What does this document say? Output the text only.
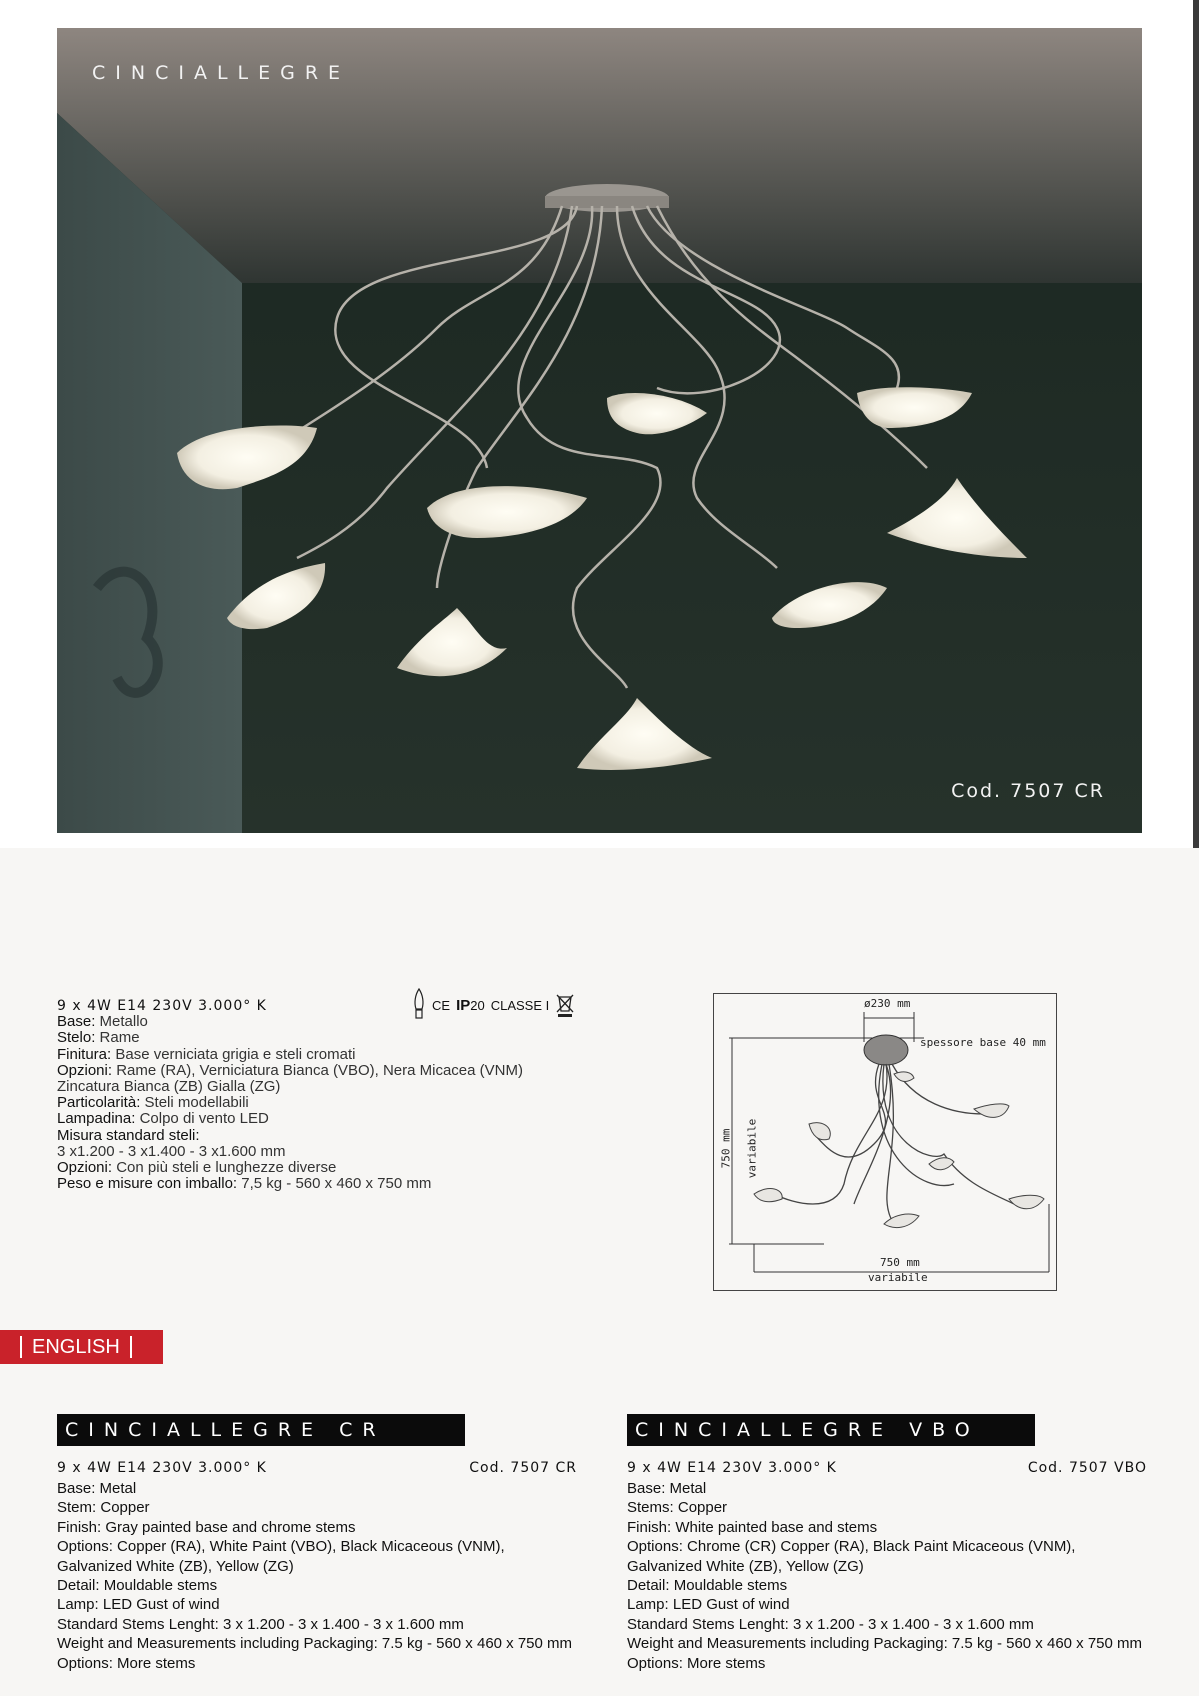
CINCIALLEGRE
Cod. 7507 CR
9 x 4W E14 230V 3.000° K
Base: Metallo
Stelo: Rame
Finitura: Base verniciata grigia e steli cromati
Opzioni: Rame (RA), Verniciatura Bianca (VBO), Nera Micacea (VNM)
Zincatura Bianca (ZB) Gialla (ZG)
Particolarità: Steli modellabili
Lampadina: Colpo di vento LED
Misura standard steli:
3 x1.200 - 3 x1.400 - 3 x1.600 mm
Opzioni: Con più steli e lunghezze diverse
Peso e misure con imballo: 7,5 kg - 560 x 460 x 750 mm
CE IP20 CLASSE I	ø230 mm
spessore base 40 mm
750 mm variabile
750 mm
variabile
ENGLISH
CINCIALLEGRE CR
9 x 4W E14 230V 3.000° K	Cod. 7507 CR
Base: Metal
Stem: Copper
Finish: Gray painted base and chrome stems
Options: Copper (RA), White Paint (VBO), Black Micaceous (VNM),
Galvanized White (ZB), Yellow (ZG)
Detail: Mouldable stems
Lamp: LED Gust of wind
Standard Stems Lenght: 3 x 1.200 - 3 x 1.400 - 3 x 1.600 mm
Weight and Measurements including Packaging: 7.5 kg - 560 x 460 x 750 mm
Options: More stems
CINCIALLEGRE VBO
9 x 4W E14 230V 3.000° K	Cod. 7507 VBO
Base: Metal
Stems: Copper
Finish: White painted base and stems
Options: Chrome (CR) Copper (RA), Black Paint Micaceous (VNM),
Galvanized White (ZB), Yellow (ZG)
Detail: Mouldable stems
Lamp: LED Gust of wind
Standard Stems Lenght: 3 x 1.200 - 3 x 1.400 - 3 x 1.600 mm
Weight and Measurements including Packaging: 7.5 kg - 560 x 460 x 750 mm
Options: More stems
